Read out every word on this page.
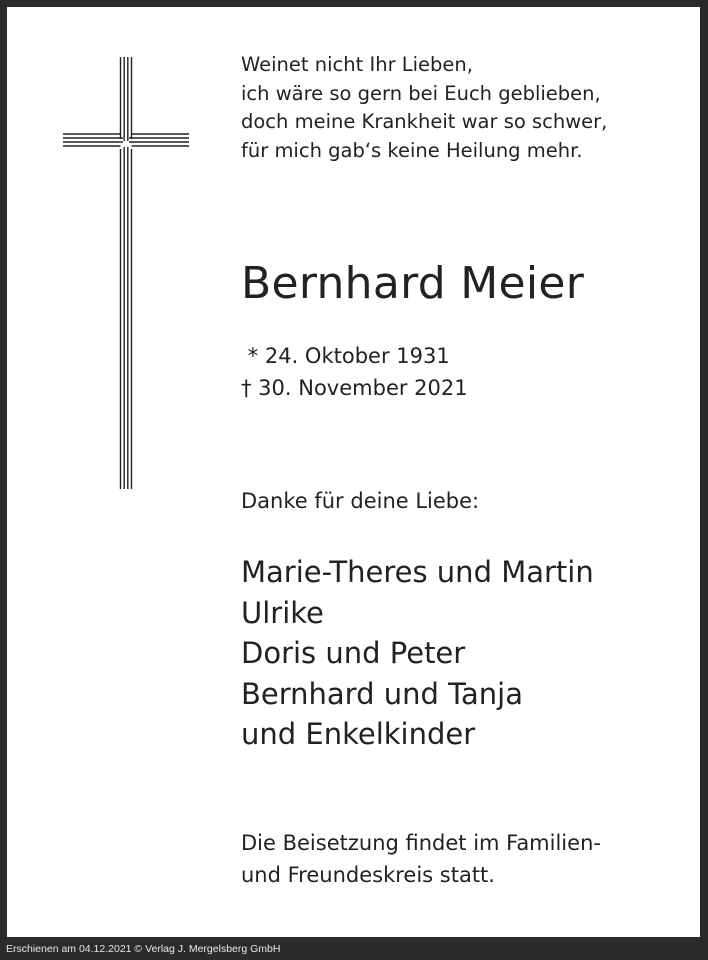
Weinet nicht Ihr Lieben,
ich wäre so gern bei Euch geblieben,
doch meine Krankheit war so schwer,
für mich gab‘s keine Heilung mehr.
Bernhard Meier
* 24. Oktober 1931
† 30. November 2021
Danke für deine Liebe:
Marie-Theres und Martin
Ulrike
Doris und Peter
Bernhard und Tanja
und Enkelkinder
Die Beisetzung findet im Familien-
und Freundeskreis statt.
Erschienen am 04.12.2021 © Verlag J. Mergelsberg GmbH
